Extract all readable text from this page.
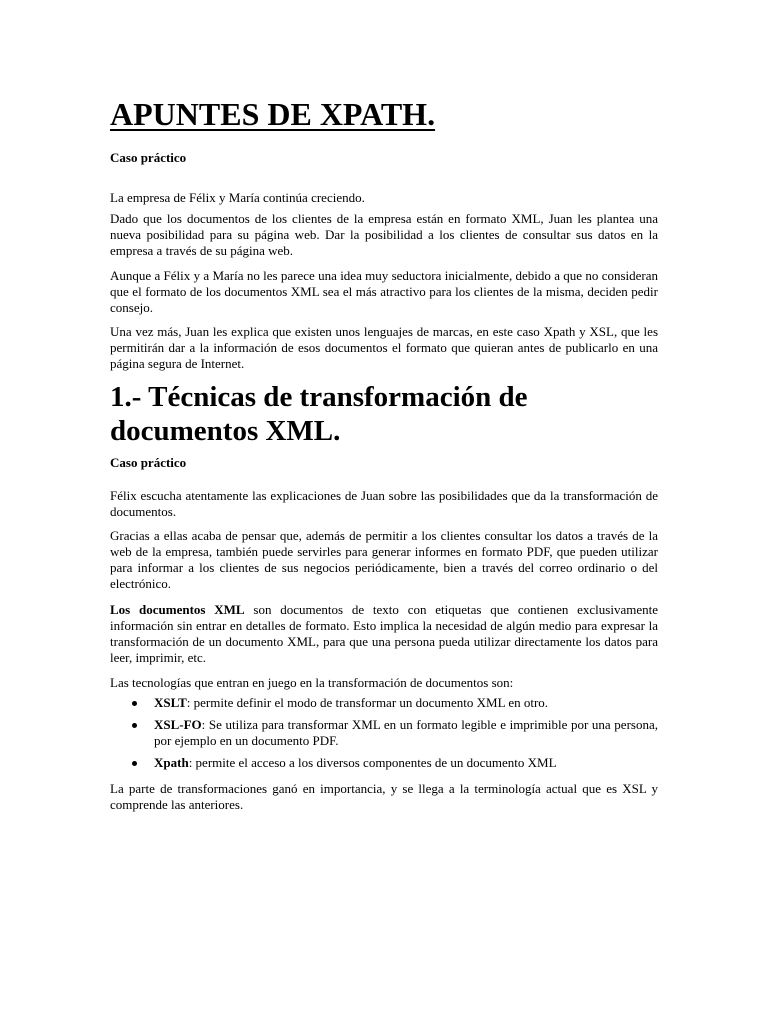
APUNTES DE XPATH.

Caso práctico

La empresa de Félix y María continúa creciendo.

Dado que los documentos de los clientes de la empresa están en formato XML, Juan les plantea una nueva posibilidad para su página web. Dar la posibilidad a los clientes de consultar sus datos en la empresa a través de su página web.

Aunque a Félix y a María no les parece una idea muy seductora inicialmente, debido a que no consideran que el formato de los documentos XML sea el más atractivo para los clientes de la misma, deciden pedir consejo.

Una vez más, Juan les explica que existen unos lenguajes de marcas, en este caso Xpath y XSL, que les permitirán dar a la información de esos documentos el formato que quieran antes de publicarlo en una página segura de Internet.

1.- Técnicas de transformación de documentos XML.

Caso práctico

Félix escucha atentamente las explicaciones de Juan sobre las posibilidades que da la transformación de documentos.

Gracias a ellas acaba de pensar que, además de permitir a los clientes consultar los datos a través de la web de la empresa, también puede servirles para generar informes en formato PDF, que pueden utilizar para informar a los clientes de sus negocios periódicamente, bien a través del correo ordinario o del electrónico.

Los documentos XML son documentos de texto con etiquetas que contienen exclusivamente información sin entrar en detalles de formato. Esto implica la necesidad de algún medio para expresar la transformación de un documento XML, para que una persona pueda utilizar directamente los datos para leer, imprimir, etc.

Las tecnologías que entran en juego en la transformación de documentos son:

XSLT: permite definir el modo de transformar un documento XML en otro.
XSL-FO: Se utiliza para transformar XML en un formato legible e imprimible por una persona, por ejemplo en un documento PDF.
Xpath: permite el acceso a los diversos componentes de un documento XML

La parte de transformaciones ganó en importancia, y se llega a la terminología actual que es XSL y comprende las anteriores.
